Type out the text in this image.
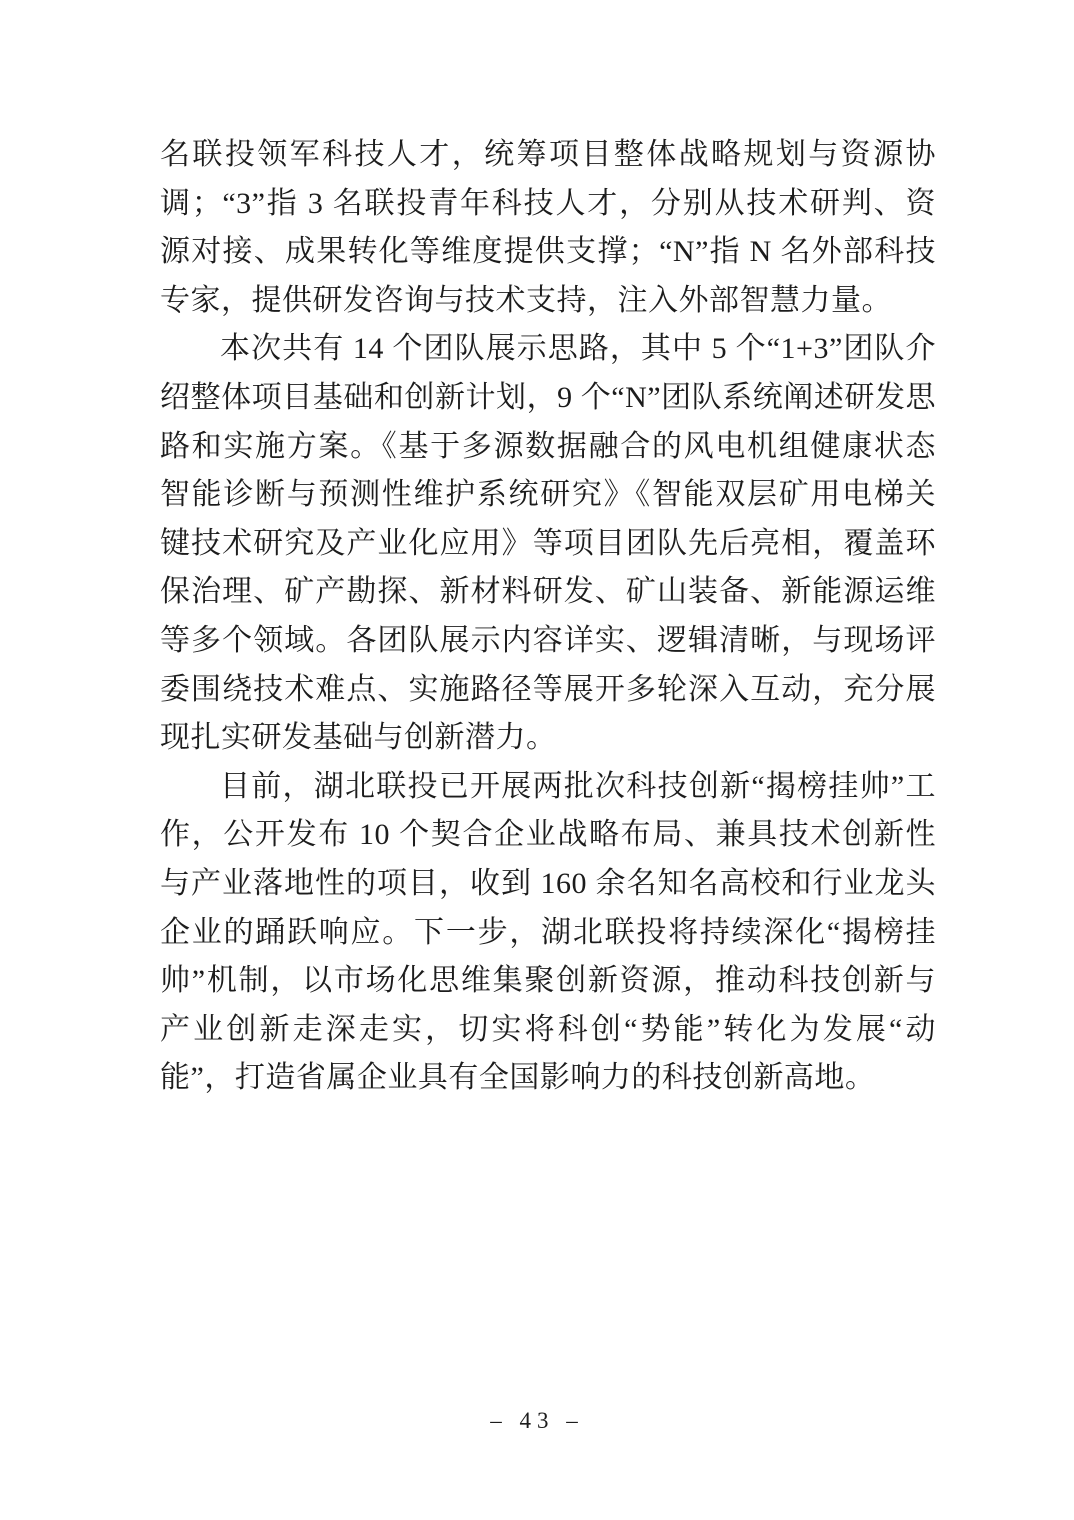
名联投领军科技人才，统筹项目整体战略规划与资源协调；“3”指 3 名联投青年科技人才，分别从技术研判、资源对接、成果转化等维度提供支撑；“N”指 N 名外部科技专家，提供研发咨询与技术支持，注入外部智慧力量。

本次共有 14 个团队展示思路，其中 5 个“1+3”团队介绍整体项目基础和创新计划，9 个“N”团队系统阐述研发思路和实施方案。《基于多源数据融合的风电机组健康状态智能诊断与预测性维护系统研究》《智能双层矿用电梯关键技术研究及产业化应用》等项目团队先后亮相，覆盖环保治理、矿产勘探、新材料研发、矿山装备、新能源运维等多个领域。各团队展示内容详实、逻辑清晰，与现场评委围绕技术难点、实施路径等展开多轮深入互动，充分展现扎实研发基础与创新潜力。

目前，湖北联投已开展两批次科技创新“揭榜挂帅”工作，公开发布 10 个契合企业战略布局、兼具技术创新性与产业落地性的项目，收到 160 余名知名高校和行业龙头企业的踊跃响应。下一步，湖北联投将持续深化“揭榜挂帅”机制，以市场化思维集聚创新资源，推动科技创新与产业创新走深走实，切实将科创“势能”转化为发展“动能”，打造省属企业具有全国影响力的科技创新高地。

– 43 –
